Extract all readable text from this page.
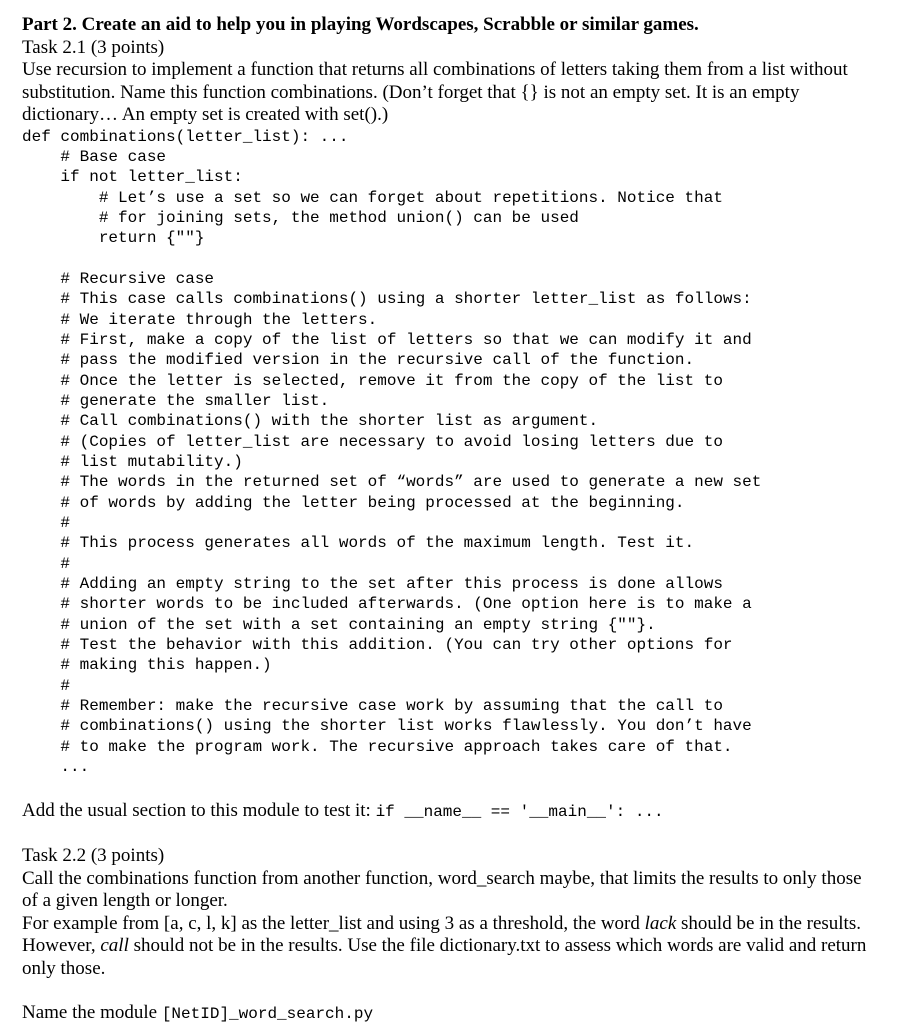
Part 2. Create an aid to help you in playing Wordscapes, Scrabble or similar games.

Task 2.1 (3 points)

Use recursion to implement a function that returns all combinations of letters taking them from a list without substitution. Name this function combinations. (Don’t forget that {} is not an empty set. It is an empty dictionary… An empty set is created with set().)

def combinations(letter_list): ...
# Base case
if not letter_list:
# Let’s use a set so we can forget about repetitions. Notice that
# for joining sets, the method union() can be used
return {""}
# Recursive case
# This case calls combinations() using a shorter letter_list as follows:
# We iterate through the letters.
# First, make a copy of the list of letters so that we can modify it and
# pass the modified version in the recursive call of the function.
# Once the letter is selected, remove it from the copy of the list to
# generate the smaller list.
# Call combinations() with the shorter list as argument.
# (Copies of letter_list are necessary to avoid losing letters due to
# list mutability.)
# The words in the returned set of “words” are used to generate a new set
# of words by adding the letter being processed at the beginning.
#
# This process generates all words of the maximum length. Test it.
#
# Adding an empty string to the set after this process is done allows
# shorter words to be included afterwards. (One option here is to make a
# union of the set with a set containing an empty string {""}.
# Test the behavior with this addition. (You can try other options for
# making this happen.)
#
# Remember: make the recursive case work by assuming that the call to
# combinations() using the shorter list works flawlessly. You don’t have
# to make the program work. The recursive approach takes care of that.
...

Add the usual section to this module to test it: if __name__ == '__main__': ...

Task 2.2 (3 points)

Call the combinations function from another function, word_search maybe, that limits the results to only those of a given length or longer.

For example from [a, c, l, k] as the letter_list and using 3 as a threshold, the word lack should be in the results. However, call should not be in the results. Use the file dictionary.txt to assess which words are valid and return only those.

Name the module [NetID]_word_search.py
